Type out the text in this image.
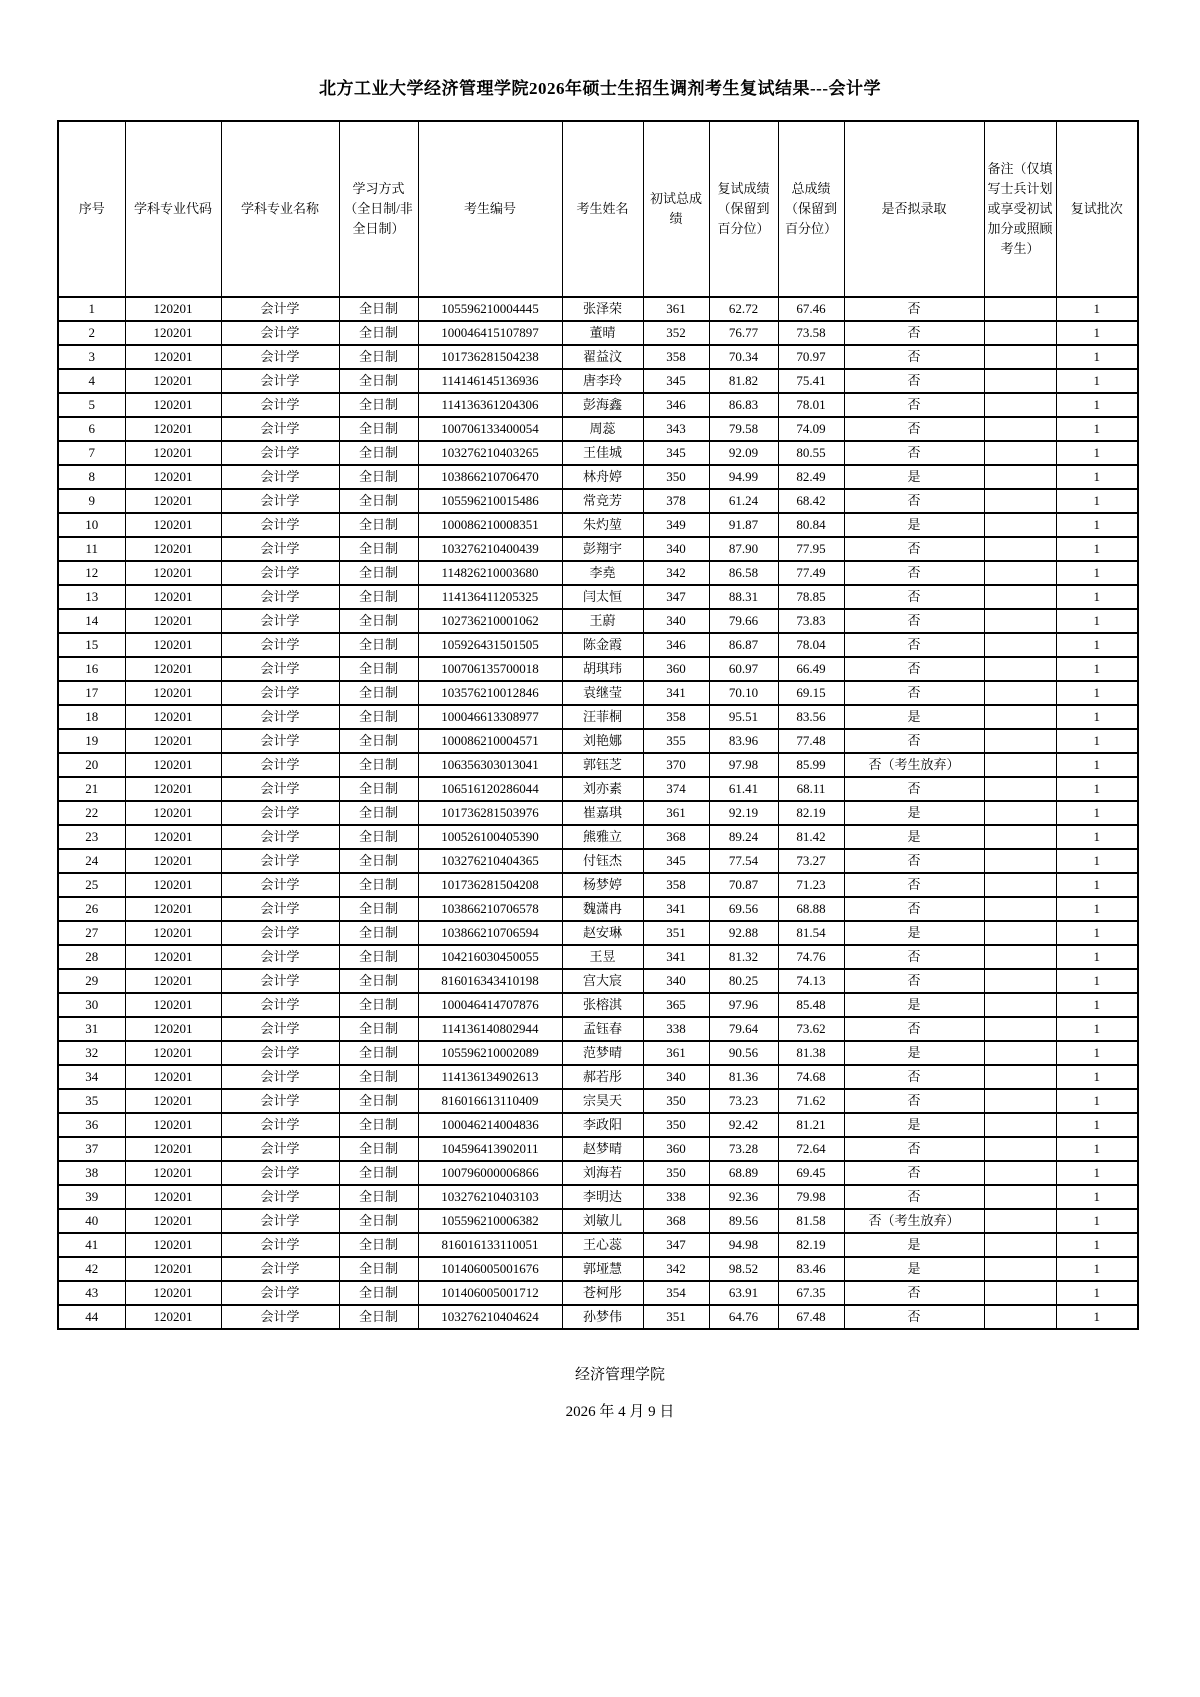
北方工业大学经济管理学院2026年硕士生招生调剂考生复试结果---会计学
序号	学科专业代码	学科专业名称	学习方式（全日制/非全日制）	考生编号	考生姓名	初试总成绩	复试成绩（保留到百分位）	总成绩（保留到百分位）	是否拟录取	备注（仅填写士兵计划或享受初试加分或照顾考生）	复试批次
1	120201	会计学	全日制	105596210004445	张泽荣	361	62.72	67.46	否		1
2	120201	会计学	全日制	100046415107897	董晴	352	76.77	73.58	否		1
3	120201	会计学	全日制	101736281504238	翟益汶	358	70.34	70.97	否		1
4	120201	会计学	全日制	114146145136936	唐李玲	345	81.82	75.41	否		1
5	120201	会计学	全日制	114136361204306	彭海鑫	346	86.83	78.01	否		1
6	120201	会计学	全日制	100706133400054	周蕊	343	79.58	74.09	否		1
7	120201	会计学	全日制	103276210403265	王佳城	345	92.09	80.55	否		1
8	120201	会计学	全日制	103866210706470	林舟婷	350	94.99	82.49	是		1
9	120201	会计学	全日制	105596210015486	常竞芳	378	61.24	68.42	否		1
10	120201	会计学	全日制	100086210008351	朱灼堃	349	91.87	80.84	是		1
11	120201	会计学	全日制	103276210400439	彭翔宇	340	87.90	77.95	否		1
12	120201	会计学	全日制	114826210003680	李堯	342	86.58	77.49	否		1
13	120201	会计学	全日制	114136411205325	闫太恒	347	88.31	78.85	否		1
14	120201	会计学	全日制	102736210001062	王蔚	340	79.66	73.83	否		1
15	120201	会计学	全日制	105926431501505	陈金霞	346	86.87	78.04	否		1
16	120201	会计学	全日制	100706135700018	胡琪玮	360	60.97	66.49	否		1
17	120201	会计学	全日制	103576210012846	袁继莹	341	70.10	69.15	否		1
18	120201	会计学	全日制	100046613308977	汪菲桐	358	95.51	83.56	是		1
19	120201	会计学	全日制	100086210004571	刘艳娜	355	83.96	77.48	否		1
20	120201	会计学	全日制	106356303013041	郭钰芝	370	97.98	85.99	否（考生放弃）		1
21	120201	会计学	全日制	106516120286044	刘亦素	374	61.41	68.11	否		1
22	120201	会计学	全日制	101736281503976	崔嘉琪	361	92.19	82.19	是		1
23	120201	会计学	全日制	100526100405390	熊雅立	368	89.24	81.42	是		1
24	120201	会计学	全日制	103276210404365	付钰杰	345	77.54	73.27	否		1
25	120201	会计学	全日制	101736281504208	杨梦婷	358	70.87	71.23	否		1
26	120201	会计学	全日制	103866210706578	魏潇冉	341	69.56	68.88	否		1
27	120201	会计学	全日制	103866210706594	赵安琳	351	92.88	81.54	是		1
28	120201	会计学	全日制	104216030450055	王昱	341	81.32	74.76	否		1
29	120201	会计学	全日制	816016343410198	宫大宸	340	80.25	74.13	否		1
30	120201	会计学	全日制	100046414707876	张榕淇	365	97.96	85.48	是		1
31	120201	会计学	全日制	114136140802944	孟钰春	338	79.64	73.62	否		1
32	120201	会计学	全日制	105596210002089	范梦晴	361	90.56	81.38	是		1
34	120201	会计学	全日制	114136134902613	郝若彤	340	81.36	74.68	否		1
35	120201	会计学	全日制	816016613110409	宗昊天	350	73.23	71.62	否		1
36	120201	会计学	全日制	100046214004836	李政阳	350	92.42	81.21	是		1
37	120201	会计学	全日制	104596413902011	赵梦晴	360	73.28	72.64	否		1
38	120201	会计学	全日制	100796000006866	刘海若	350	68.89	69.45	否		1
39	120201	会计学	全日制	103276210403103	李明达	338	92.36	79.98	否		1
40	120201	会计学	全日制	105596210006382	刘敏儿	368	89.56	81.58	否（考生放弃）		1
41	120201	会计学	全日制	816016133110051	王心蕊	347	94.98	82.19	是		1
42	120201	会计学	全日制	101406005001676	郭垭慧	342	98.52	83.46	是		1
43	120201	会计学	全日制	101406005001712	苍柯彤	354	63.91	67.35	否		1
44	120201	会计学	全日制	103276210404624	孙梦伟	351	64.76	67.48	否		1
经济管理学院
2026 年 4 月 9 日
